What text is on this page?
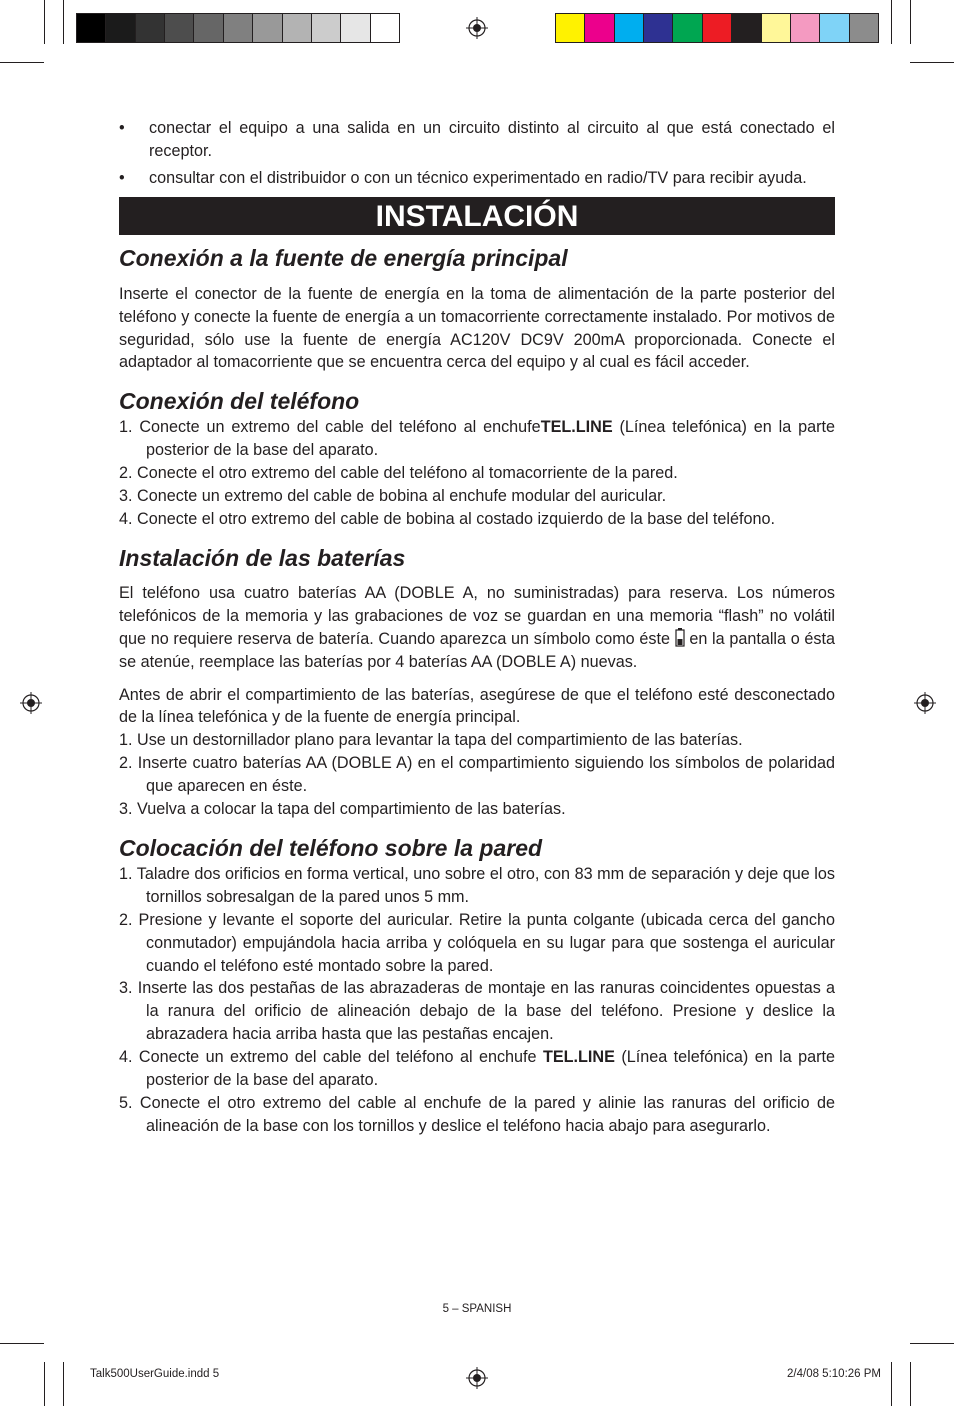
• conectar el equipo a una salida en un circuito distinto al circuito al que está conectado el receptor.
• consultar con el distribuidor o con un técnico experimentado en radio/TV para recibir ayuda.
INSTALACIÓN
Conexión a la fuente de energía principal

Inserte el conector de la fuente de energía en la toma de alimentación de la parte posterior del teléfono y conecte la fuente de energía a un tomacorriente correctamente instalado. Por motivos de seguridad, sólo use la fuente de energía AC120V DC9V 200mA proporcionada. Conecte el adaptador al tomacorriente que se encuentra cerca del equipo y al cual es fácil acceder.

Conexión del teléfono
1. Conecte un extremo del cable del teléfono al enchufeTEL.LINE (Línea telefónica) en la parte posterior de la base del aparato.
2. Conecte el otro extremo del cable del teléfono al tomacorriente de la pared.
3. Conecte un extremo del cable de bobina al enchufe modular del auricular.
4. Conecte el otro extremo del cable de bobina al costado izquierdo de la base del teléfono.
Instalación de las baterías

El teléfono usa cuatro baterías AA (DOBLE A, no suministradas) para reserva. Los números telefónicos de la memoria y las grabaciones de voz se guardan en una memoria “flash” no volátil que no requiere reserva de batería. Cuando aparezca un símbolo como éste  en la pantalla o ésta se atenúe, reemplace las baterías por 4 baterías AA (DOBLE A) nuevas.

Antes de abrir el compartimiento de las baterías, asegúrese de que el teléfono esté desconectado de la línea telefónica y de la fuente de energía principal.

1. Use un destornillador plano para levantar la tapa del compartimiento de las baterías.
2. Inserte cuatro baterías AA (DOBLE A) en el compartimiento siguiendo los símbolos de polaridad que aparecen en éste.
3. Vuelva a colocar la tapa del compartimiento de las baterías.
Colocación del teléfono sobre la pared
1. Taladre dos orificios en forma vertical, uno sobre el otro, con 83 mm de separación y deje que los tornillos sobresalgan de la pared unos 5 mm.
2. Presione y levante el soporte del auricular. Retire la punta colgante (ubicada cerca del gancho conmutador) empujándola hacia arriba y colóquela en su lugar para que sostenga el auricular cuando el teléfono esté montado sobre la pared.
3. Inserte las dos pestañas de las abrazaderas de montaje en las ranuras coincidentes opuestas a la ranura del orificio de alineación debajo de la base del teléfono. Presione y deslice la abrazadera hacia arriba hasta que las pestañas encajen.
4. Conecte un extremo del cable del teléfono al enchufe TEL.LINE (Línea telefónica) en la parte posterior de la base del aparato.
5. Conecte el otro extremo del cable al enchufe de la pared y alinie las ranuras del orificio de alineación de la base con los tornillos y deslice el teléfono hacia abajo para asegurarlo.
5 – SPANISH
Talk500UserGuide.indd 5	2/4/08 5:10:26 PM
